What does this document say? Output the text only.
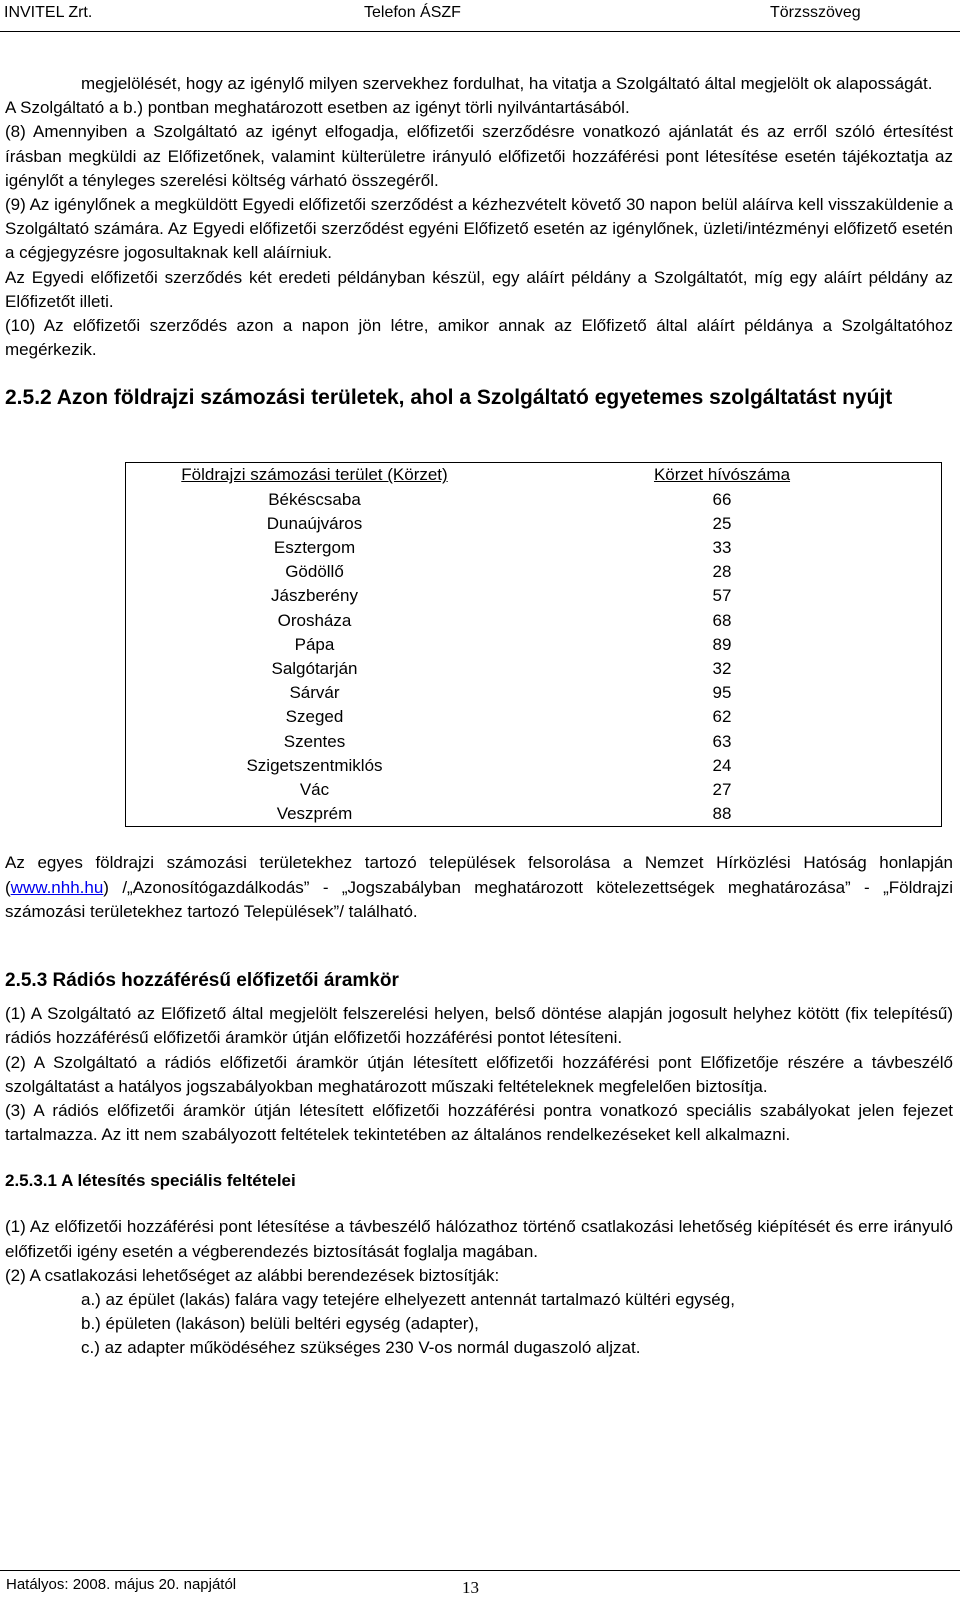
INVITEL Zrt.	Telefon ÁSZF	Törzsszöveg

megjelölését, hogy az igénylő milyen szervekhez fordulhat, ha vitatja a Szolgáltató által megjelölt ok alaposságát.

A Szolgáltató a b.) pontban meghatározott esetben az igényt törli nyilvántartásából.

(8) Amennyiben a Szolgáltató az igényt elfogadja, előfizetői szerződésre vonatkozó ajánlatát és az erről szóló értesítést írásban megküldi az Előfizetőnek, valamint külterületre irányuló előfizetői hozzáférési pont létesítése esetén tájékoztatja az igénylőt a tényleges szerelési költség várható összegéről.

(9) Az igénylőnek a megküldött Egyedi előfizetői szerződést a kézhezvételt követő 30 napon belül aláírva kell visszaküldenie a Szolgáltató számára. Az Egyedi előfizetői szerződést egyéni Előfizető esetén az igénylőnek, üzleti/intézményi előfizető esetén a cégjegyzésre jogosultaknak kell aláírniuk.

Az Egyedi előfizetői szerződés két eredeti példányban készül, egy aláírt példány a Szolgáltatót, míg egy aláírt példány az Előfizetőt illeti.

(10) Az előfizetői szerződés azon a napon jön létre, amikor annak az Előfizető által aláírt példánya a Szolgáltatóhoz megérkezik.

2.5.2 Azon földrajzi számozási területek, ahol a Szolgáltató egyetemes szolgáltatást nyújt
Földrajzi számozási terület (Körzet)	Körzet hívószáma
Békéscsaba	66
Dunaújváros	25
Esztergom	33
Gödöllő	28
Jászberény	57
Orosháza	68
Pápa	89
Salgótarján	32
Sárvár	95
Szeged	62
Szentes	63
Szigetszentmiklós	24
Vác	27
Veszprém	88

Az egyes földrajzi számozási területekhez tartozó települések felsorolása a Nemzet Hírközlési Hatóság honlapján (www.nhh.hu) /„Azonosítógazdálkodás” - „Jogszabályban meghatározott kötelezettségek meghatározása” - „Földrajzi számozási területekhez tartozó Települések”/ található.

2.5.3 Rádiós hozzáférésű előfizetői áramkör

(1) A Szolgáltató az Előfizető által megjelölt felszerelési helyen, belső döntése alapján jogosult helyhez kötött (fix telepítésű) rádiós hozzáférésű előfizetői áramkör útján előfizetői hozzáférési pontot létesíteni.

(2) A Szolgáltató a rádiós előfizetői áramkör útján létesített előfizetői hozzáférési pont Előfizetője részére a távbeszélő szolgáltatást a hatályos jogszabályokban meghatározott műszaki feltételeknek megfelelően biztosítja.

(3) A rádiós előfizetői áramkör útján létesített előfizetői hozzáférési pontra vonatkozó speciális szabályokat jelen fejezet tartalmazza. Az itt nem szabályozott feltételek tekintetében az általános rendelkezéseket kell alkalmazni.

2.5.3.1 A létesítés speciális feltételei

(1) Az előfizetői hozzáférési pont létesítése a távbeszélő hálózathoz történő csatlakozási lehetőség kiépítését és erre irányuló előfizetői igény esetén a végberendezés biztosítását foglalja magában.

(2) A csatlakozási lehetőséget az alábbi berendezések biztosítják:

a.) az épület (lakás) falára vagy tetejére elhelyezett antennát tartalmazó kültéri egység,

b.) épületen (lakáson) belüli beltéri egység (adapter),

c.) az adapter működéséhez szükséges 230 V-os normál dugaszoló aljzat.

Hatályos: 2008. május 20. napjától	13
